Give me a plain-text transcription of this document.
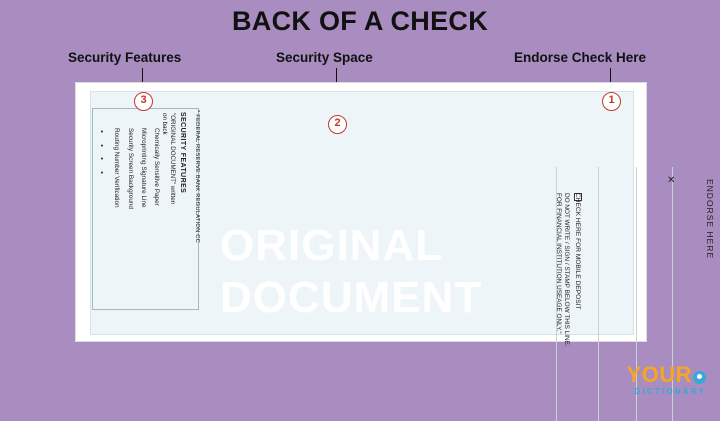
BACK OF A CHECK
Security Features	Security Space	Endorse Check Here
ORIGINAL
DOCUMENT
ENDORSE HERE
✕
CHECK HERE FOR MOBILE DEPOSIT
DO NOT WRITE / SIGN / STAMP BELOW THIS LINE.
FOR FINANCIAL INSTITUTION USEAGE ONLY."
* FEDERAL RESERVE BANK REGULATION CC
SECURITY FEATURES
"ORIGINAL DOCUMENT" written
on back
•
•
•
•	Routing Number Verification Security Screen Background Microprinting Signature Line Chemically Sensitive Paper
3
2
1
YOUR
DICTIONARY
